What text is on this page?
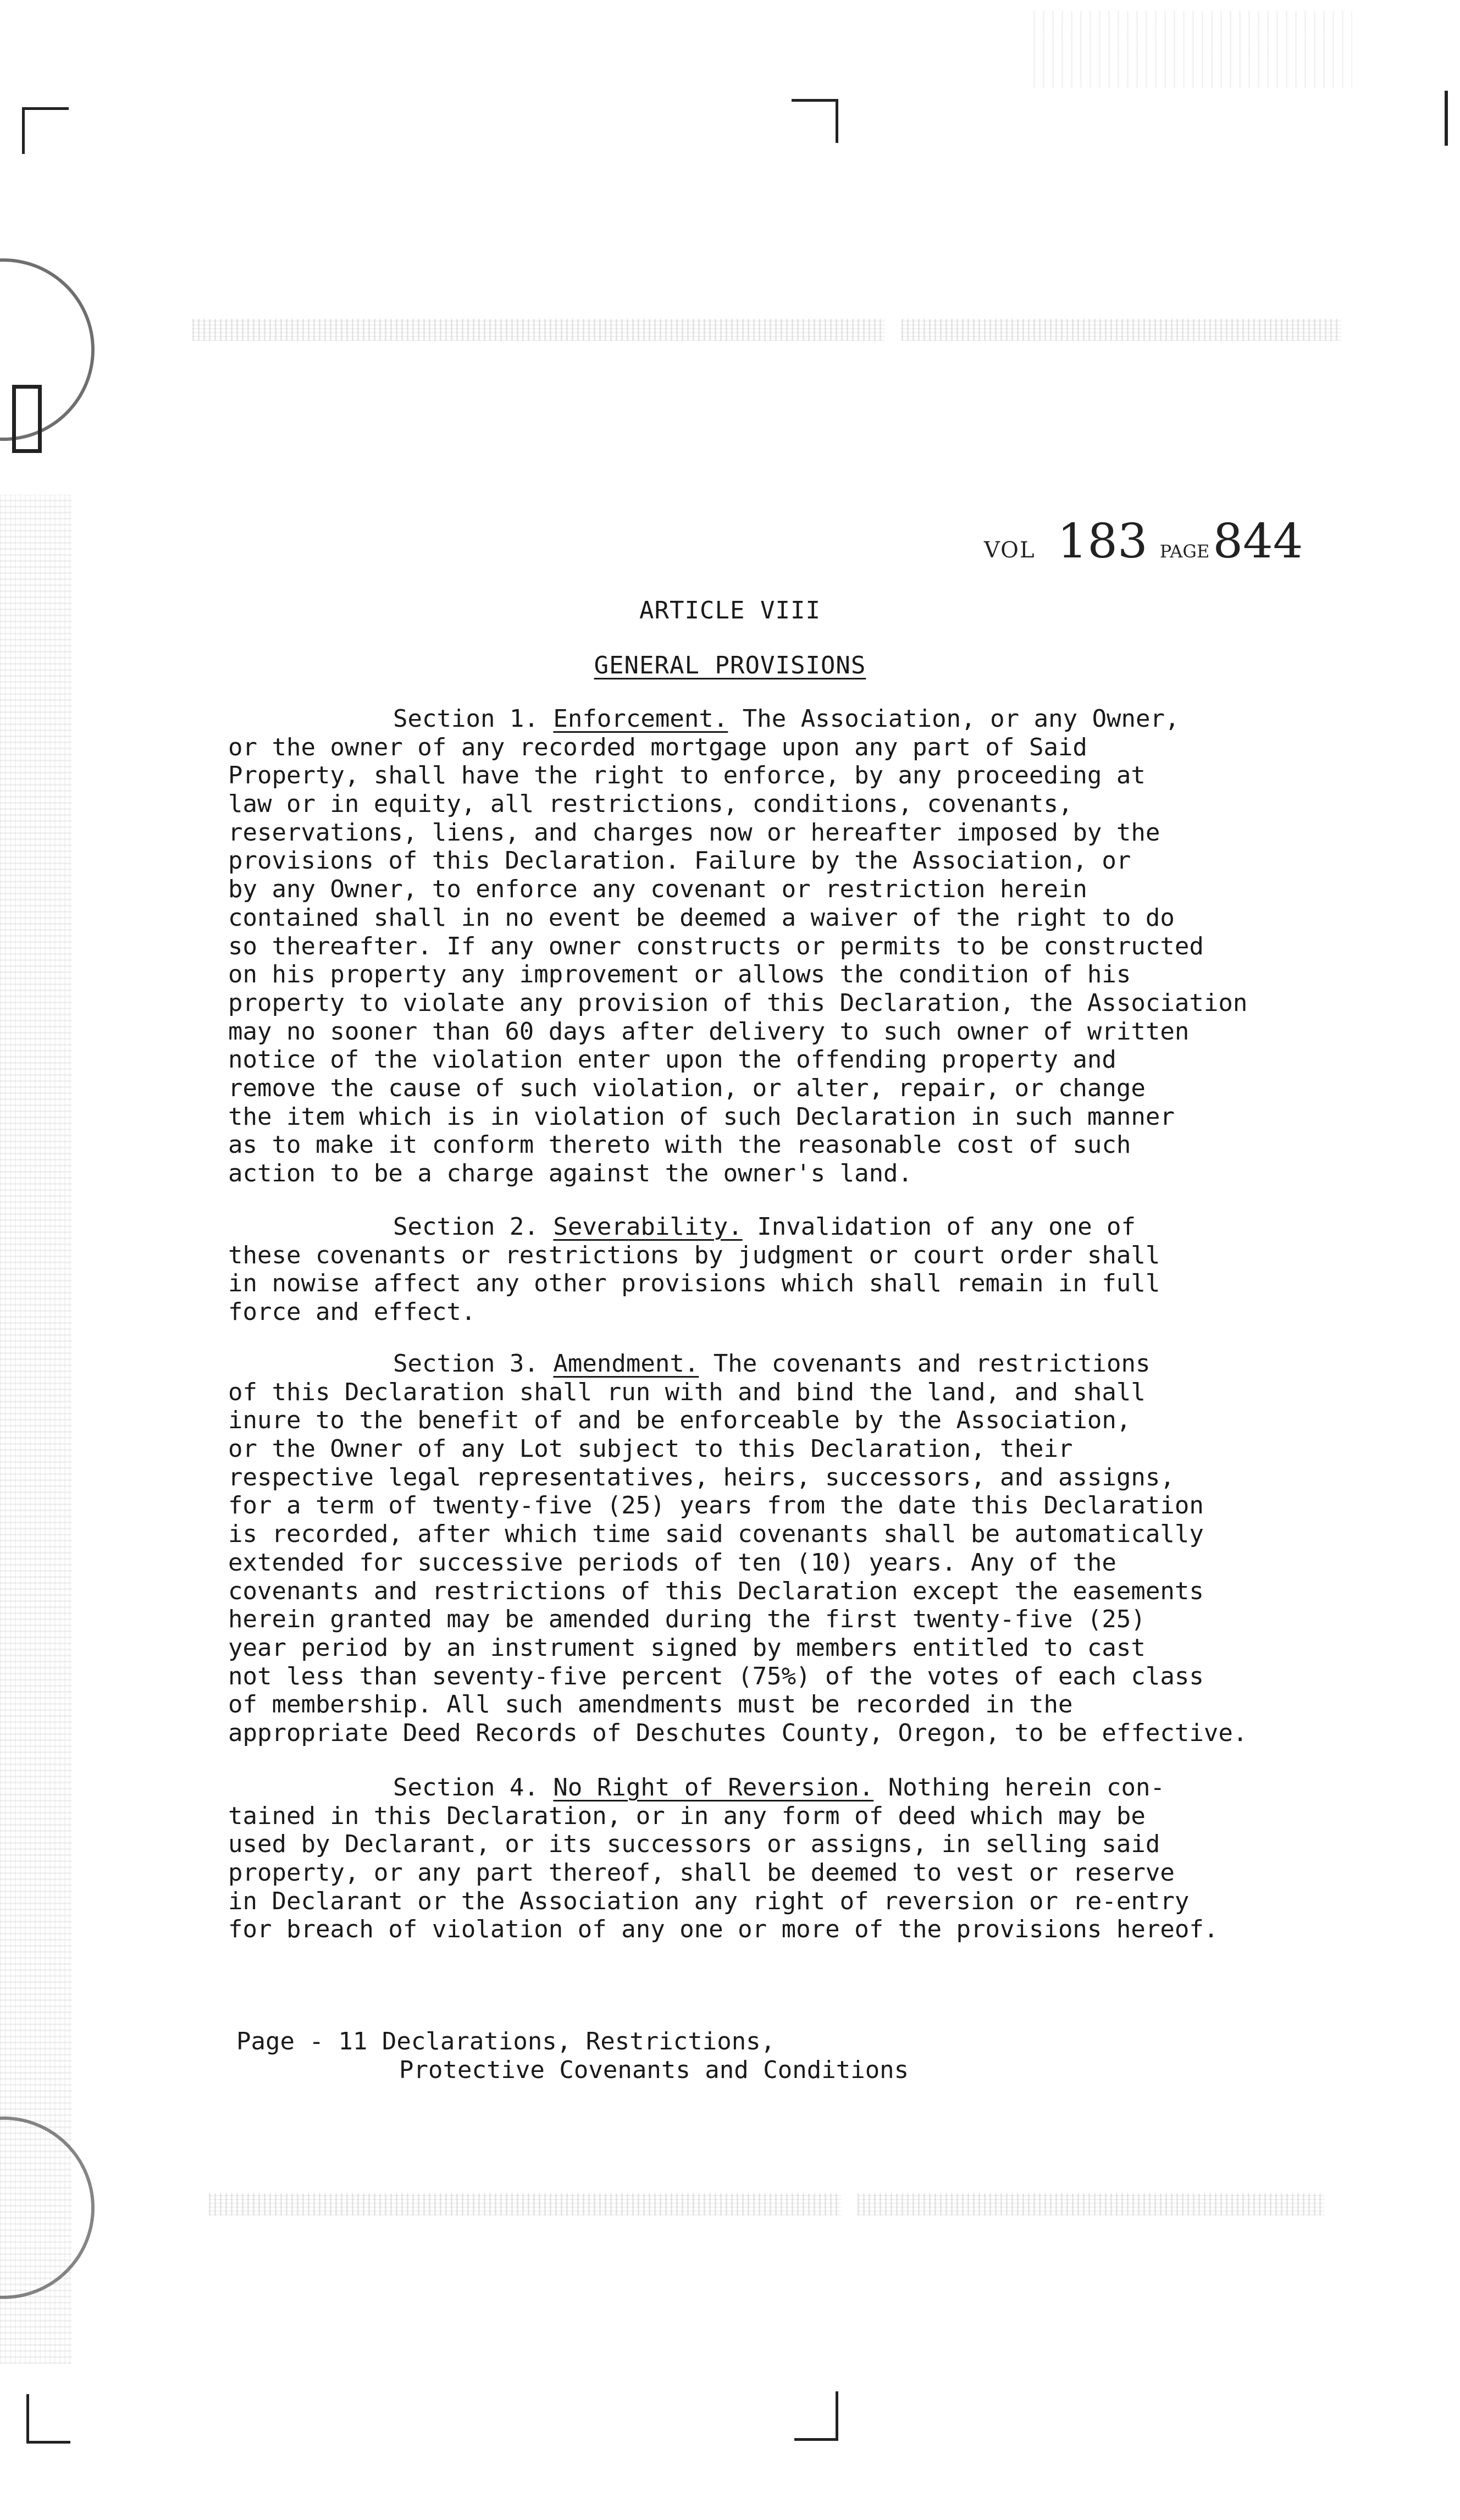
VOL 183 PAGE 844
ARTICLE VIII
GENERAL PROVISIONS
Section 1. Enforcement. The Association, or any Owner,
or the owner of any recorded mortgage upon any part of Said
Property, shall have the right to enforce, by any proceeding at
law or in equity, all restrictions, conditions, covenants,
reservations, liens, and charges now or hereafter imposed by the
provisions of this Declaration. Failure by the Association, or
by any Owner, to enforce any covenant or restriction herein
contained shall in no event be deemed a waiver of the right to do
so thereafter. If any owner constructs or permits to be constructed
on his property any improvement or allows the condition of his
property to violate any provision of this Declaration, the Association
may no sooner than 60 days after delivery to such owner of written
notice of the violation enter upon the offending property and
remove the cause of such violation, or alter, repair, or change
the item which is in violation of such Declaration in such manner
as to make it conform thereto with the reasonable cost of such
action to be a charge against the owner's land.
Section 2. Severability. Invalidation of any one of
these covenants or restrictions by judgment or court order shall
in nowise affect any other provisions which shall remain in full
force and effect.
Section 3. Amendment. The covenants and restrictions
of this Declaration shall run with and bind the land, and shall
inure to the benefit of and be enforceable by the Association,
or the Owner of any Lot subject to this Declaration, their
respective legal representatives, heirs, successors, and assigns,
for a term of twenty-five (25) years from the date this Declaration
is recorded, after which time said covenants shall be automatically
extended for successive periods of ten (10) years. Any of the
covenants and restrictions of this Declaration except the easements
herein granted may be amended during the first twenty-five (25)
year period by an instrument signed by members entitled to cast
not less than seventy-five percent (75%) of the votes of each class
of membership. All such amendments must be recorded in the
appropriate Deed Records of Deschutes County, Oregon, to be effective.
Section 4. No Right of Reversion. Nothing herein con-
tained in this Declaration, or in any form of deed which may be
used by Declarant, or its successors or assigns, in selling said
property, or any part thereof, shall be deemed to vest or reserve
in Declarant or the Association any right of reversion or re-entry
for breach of violation of any one or more of the provisions hereof.
Page - 11 Declarations, Restrictions,
Protective Covenants and Conditions
